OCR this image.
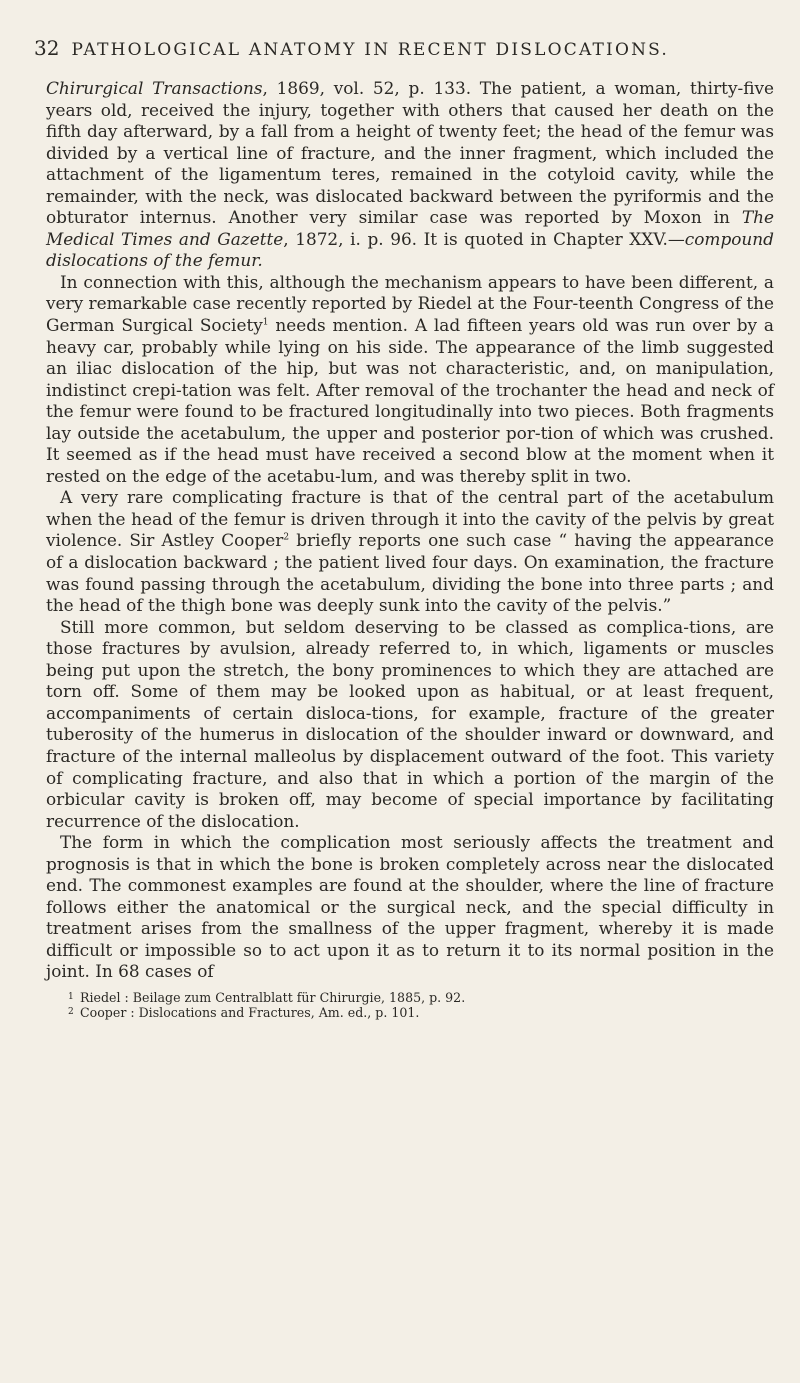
32 PATHOLOGICAL ANATOMY IN RECENT DISLOCATIONS.

Chirurgical Transactions, 1869, vol. 52, p. 133. The patient, a woman, thirty-five years old, received the injury, together with others that caused her death on the fifth day afterward, by a fall from a height of twenty feet; the head of the femur was divided by a vertical line of fracture, and the inner fragment, which included the attachment of the ligamentum teres, remained in the cotyloid cavity, while the remainder, with the neck, was dislocated backward between the pyriformis and the obturator internus. Another very similar case was reported by Moxon in The Medical Times and Gazette, 1872, i. p. 96. It is quoted in Chapter XXV.—compound dislocations of the femur.

In connection with this, although the mechanism appears to have been different, a very remarkable case recently reported by Riedel at the Four-teenth Congress of the German Surgical Society$^1$ needs mention. A lad fifteen years old was run over by a heavy car, probably while lying on his side. The appearance of the limb suggested an iliac dislocation of the hip, but was not characteristic, and, on manipulation, indistinct crepi-tation was felt. After removal of the trochanter the head and neck of the femur were found to be fractured longitudinally into two pieces. Both fragments lay outside the acetabulum, the upper and posterior por-tion of which was crushed. It seemed as if the head must have received a second blow at the moment when it rested on the edge of the acetabu-lum, and was thereby split in two.

A very rare complicating fracture is that of the central part of the acetabulum when the head of the femur is driven through it into the cavity of the pelvis by great violence. Sir Astley Cooper$^2$ briefly reports one such case “ having the appearance of a dislocation backward ; the patient lived four days. On examination, the fracture was found passing through the acetabulum, dividing the bone into three parts ; and the head of the thigh bone was deeply sunk into the cavity of the pelvis.”

Still more common, but seldom deserving to be classed as complica-tions, are those fractures by avulsion, already referred to, in which, ligaments or muscles being put upon the stretch, the bony prominences to which they are attached are torn off. Some of them may be looked upon as habitual, or at least frequent, accompaniments of certain disloca-tions, for example, fracture of the greater tuberosity of the humerus in dislocation of the shoulder inward or downward, and fracture of the internal malleolus by displacement outward of the foot. This variety of complicating fracture, and also that in which a portion of the margin of the orbicular cavity is broken off, may become of special importance by facilitating recurrence of the dislocation.

The form in which the complication most seriously affects the treatment and prognosis is that in which the bone is broken completely across near the dislocated end. The commonest examples are found at the shoulder, where the line of fracture follows either the anatomical or the surgical neck, and the special difficulty in treatment arises from the smallness of the upper fragment, whereby it is made difficult or impossible so to act upon it as to return it to its normal position in the joint. In 68 cases of

1 Riedel : Beilage zum Centralblatt für Chirurgie, 1885, p. 92.

2 Cooper : Dislocations and Fractures, Am. ed., p. 101.
